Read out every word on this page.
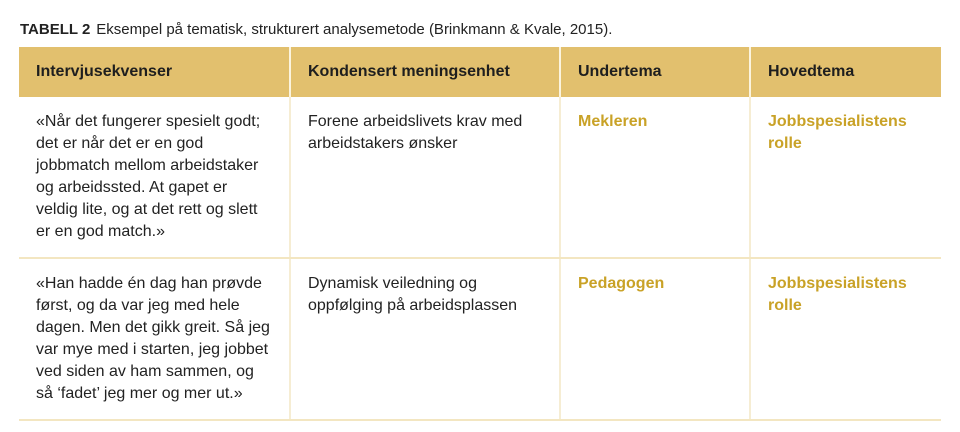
TABELL 2 Eksempel på tematisk, strukturert analysemetode (Brinkmann & Kvale, 2015).
Intervjusekvenser	Kondensert meningsenhet	Undertema	Hovedtema
«Når det fungerer spesielt godt; det er når det er en god jobbmatch mellom arbeidstaker og arbeidssted. At gapet er veldig lite, og at det rett og slett er en god match.»	Forene arbeidslivets krav med arbeidstakers ønsker	Mekleren	Jobbspesialistens rolle
«Han hadde én dag han prøvde først, og da var jeg med hele dagen. Men det gikk greit. Så jeg var mye med i starten, jeg jobbet ved siden av ham sammen, og så ‘fadet’ jeg mer og mer ut.»	Dynamisk veiledning og oppfølging på arbeidsplassen	Pedagogen	Jobbspesialistens rolle
